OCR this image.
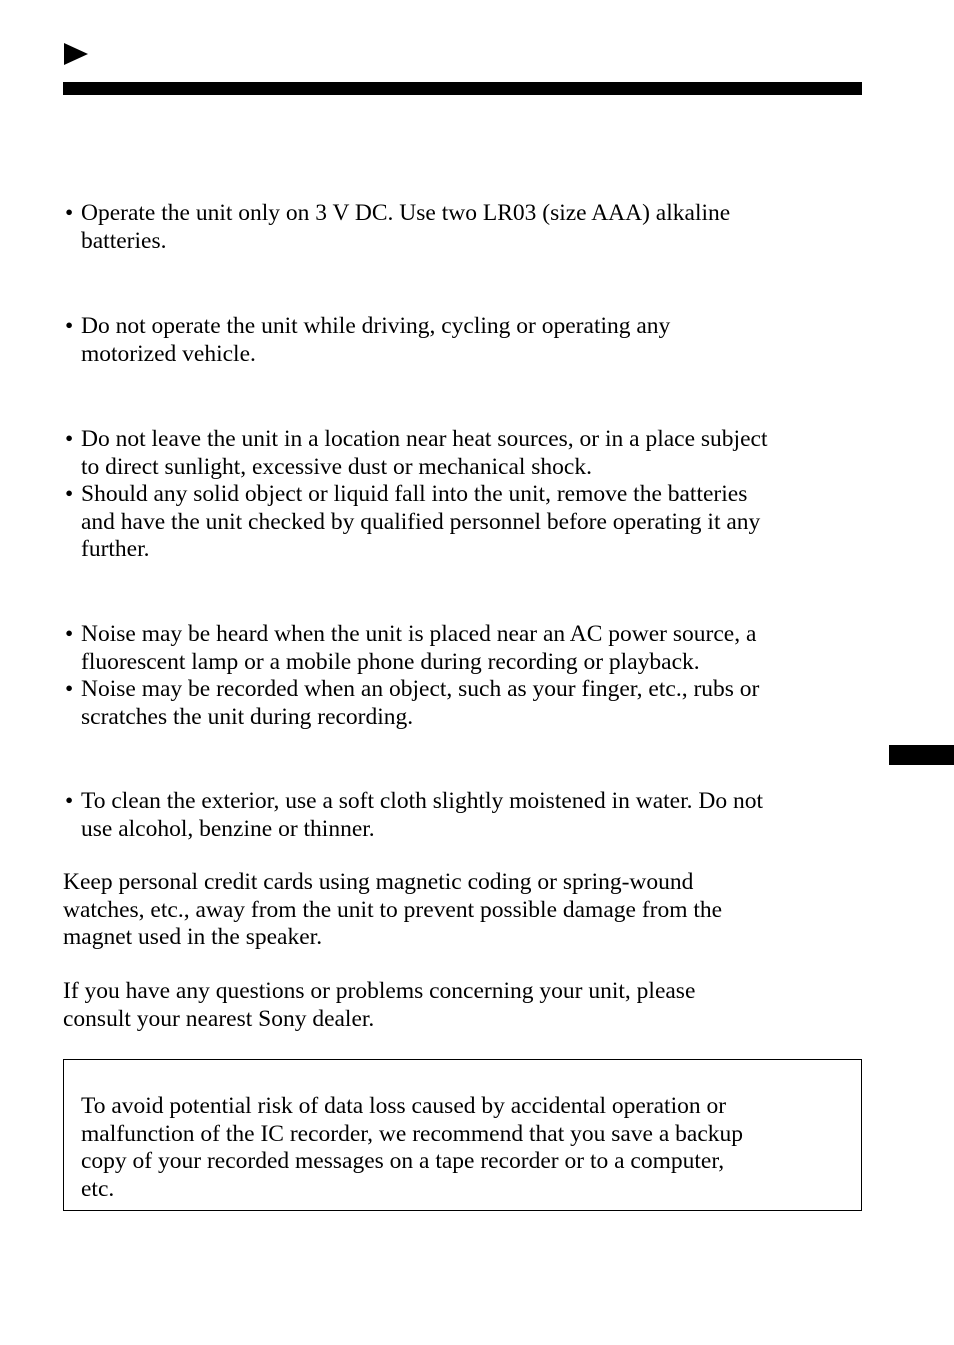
• Operate the unit only on 3 V DC. Use two LR03 (size AAA) alkaline
batteries.
• Do not operate the unit while driving, cycling or operating any
motorized vehicle.
• Do not leave the unit in a location near heat sources, or in a place subject
to direct sunlight, excessive dust or mechanical shock.
• Should any solid object or liquid fall into the unit, remove the batteries
and have the unit checked by qualified personnel before operating it any
further.
• Noise may be heard when the unit is placed near an AC power source, a
fluorescent lamp or a mobile phone during recording or playback.
• Noise may be recorded when an object, such as your finger, etc., rubs or
scratches the unit during recording.
• To clean the exterior, use a soft cloth slightly moistened in water. Do not
use alcohol, benzine or thinner.
Keep personal credit cards using magnetic coding or spring-wound
watches, etc., away from the unit to prevent possible damage from the
magnet used in the speaker.
If you have any questions or problems concerning your unit, please
consult your nearest Sony dealer.
To avoid potential risk of data loss caused by accidental operation or
malfunction of the IC recorder, we recommend that you save a backup
copy of your recorded messages on a tape recorder or to a computer,
etc.
